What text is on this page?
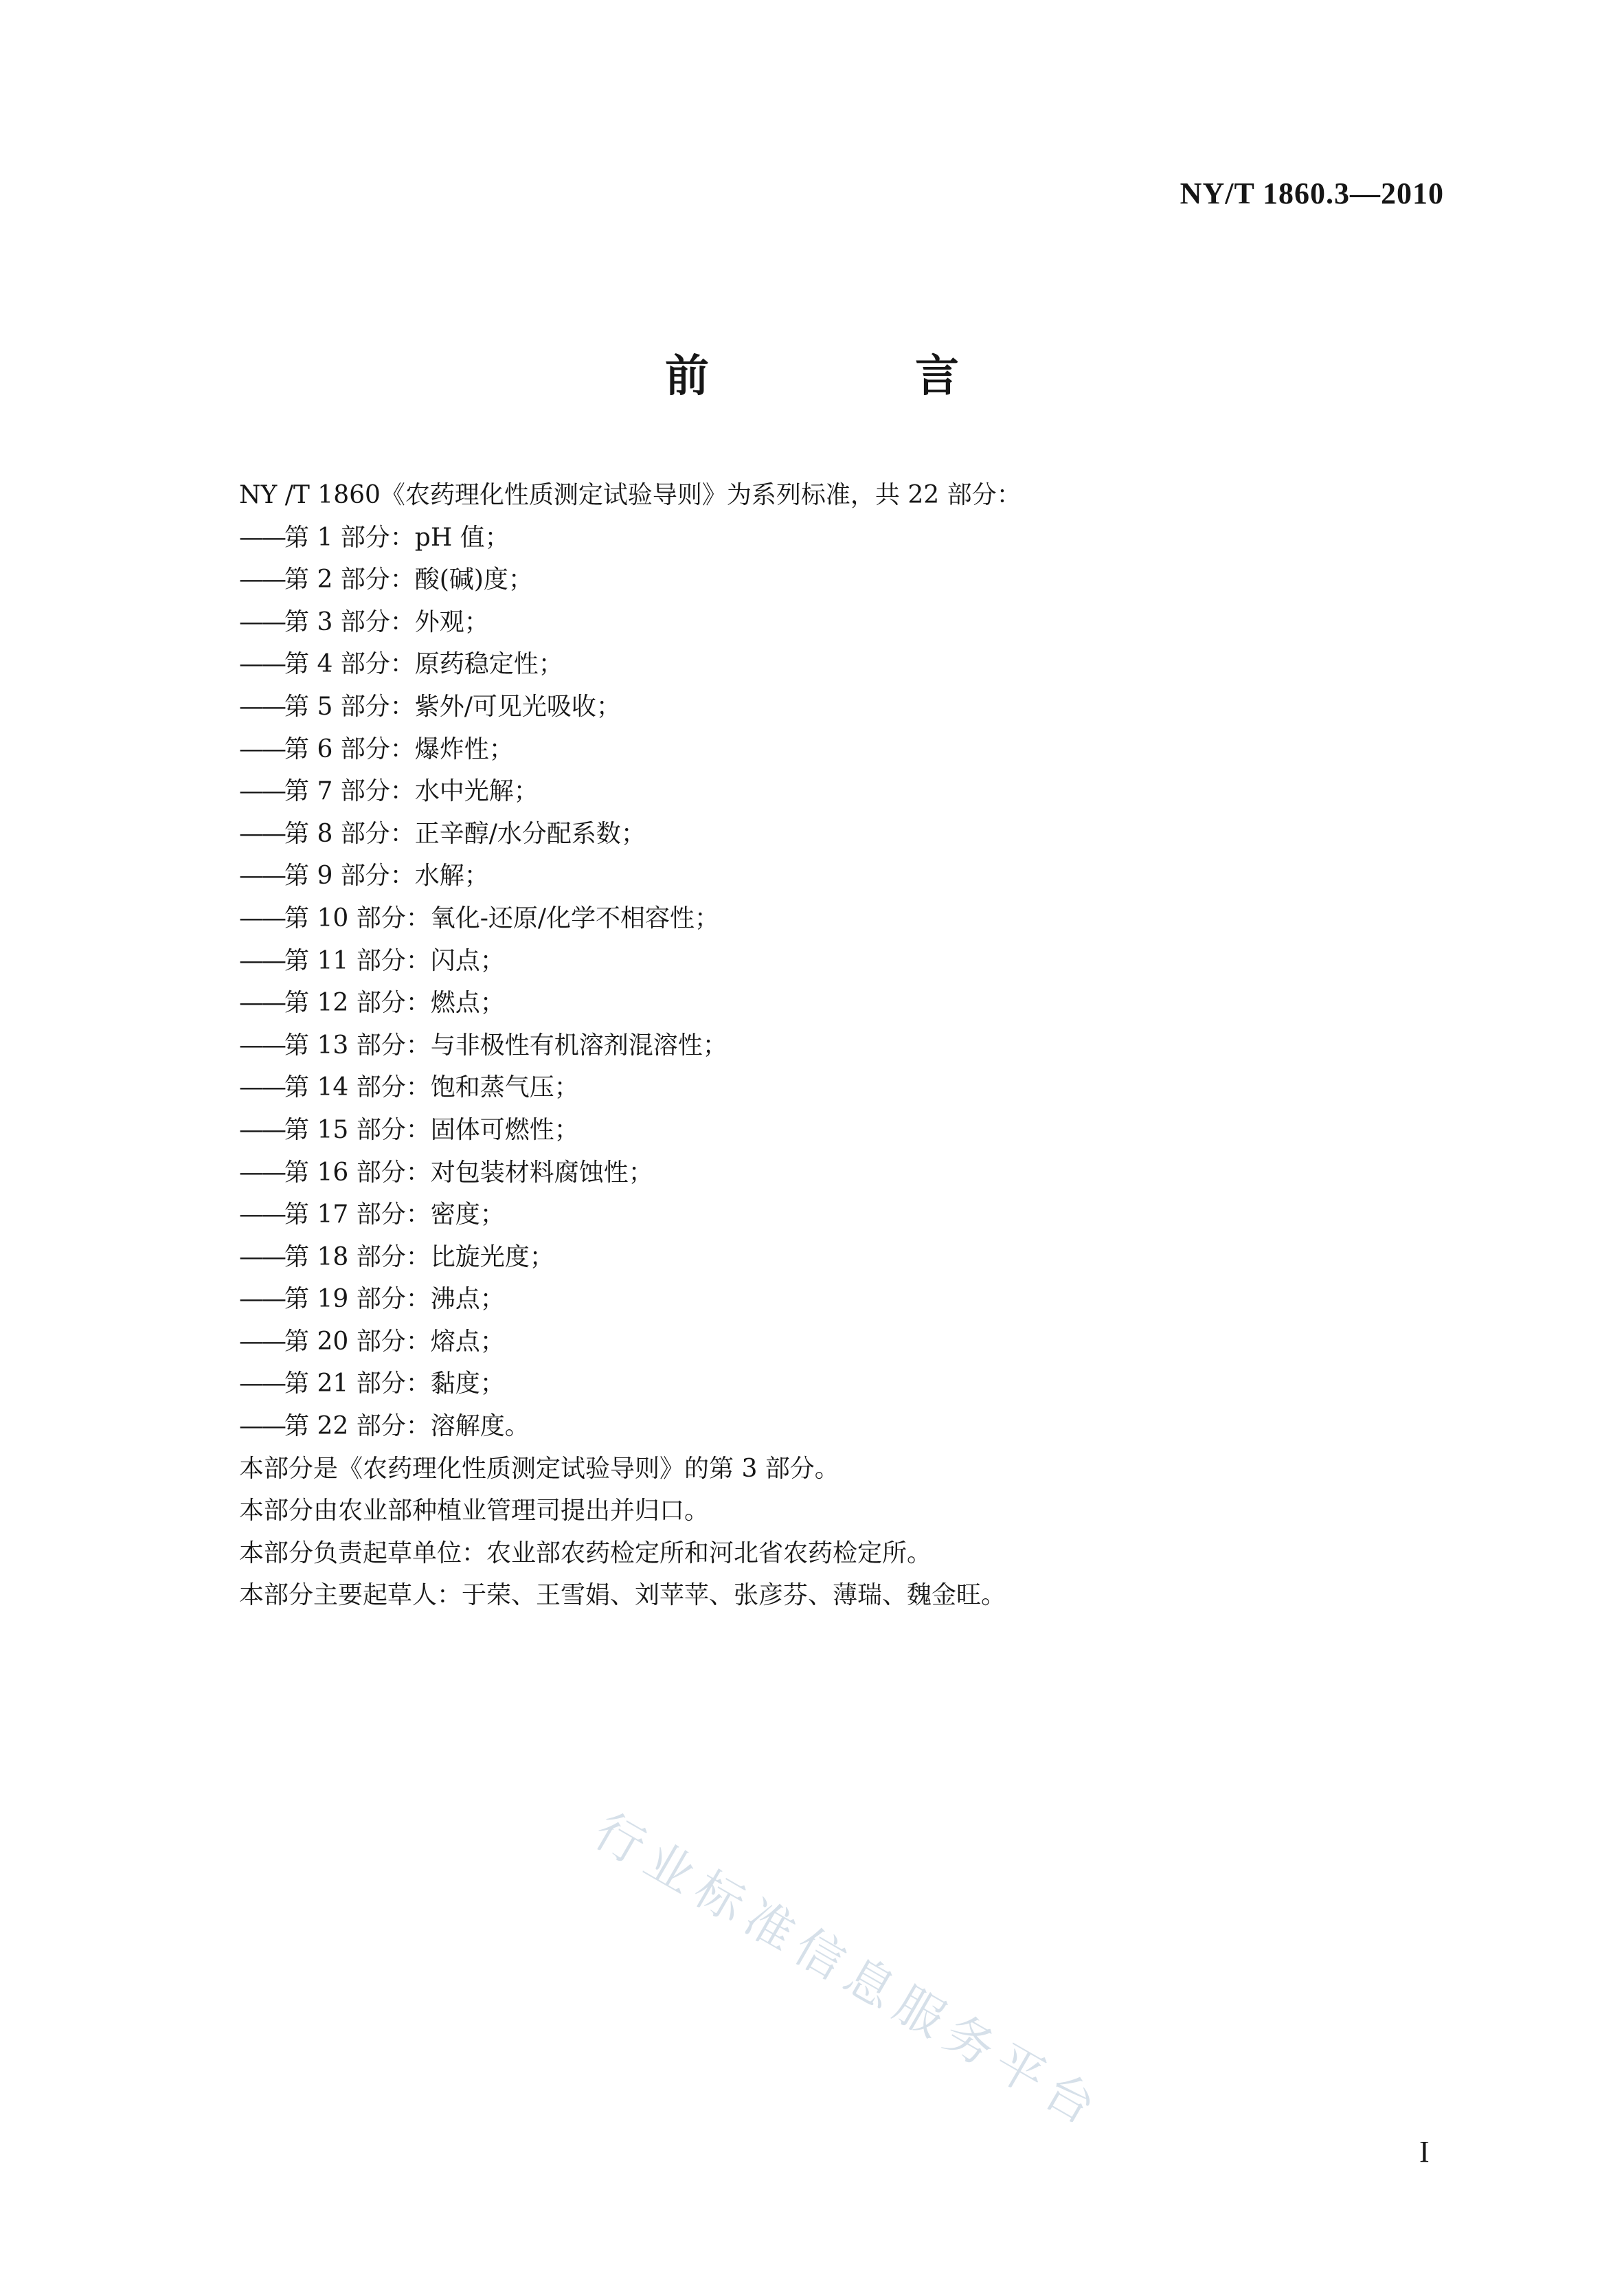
NY/T 1860.3—2010
前　言
NY /T 1860《农药理化性质测定试验导则》为系列标准，共 22 部分：
——第 1 部分：pH 值；
——第 2 部分：酸(碱)度；
——第 3 部分：外观；
——第 4 部分：原药稳定性；
——第 5 部分：紫外/可见光吸收；
——第 6 部分：爆炸性；
——第 7 部分：水中光解；
——第 8 部分：正辛醇/水分配系数；
——第 9 部分：水解；
——第 10 部分：氧化-还原/化学不相容性；
——第 11 部分：闪点；
——第 12 部分：燃点；
——第 13 部分：与非极性有机溶剂混溶性；
——第 14 部分：饱和蒸气压；
——第 15 部分：固体可燃性；
——第 16 部分：对包装材料腐蚀性；
——第 17 部分：密度；
——第 18 部分：比旋光度；
——第 19 部分：沸点；
——第 20 部分：熔点；
——第 21 部分：黏度；
——第 22 部分：溶解度。
本部分是《农药理化性质测定试验导则》的第 3 部分。
本部分由农业部种植业管理司提出并归口。
本部分负责起草单位：农业部农药检定所和河北省农药检定所。
本部分主要起草人：于荣、王雪娟、刘苹苹、张彦芬、薄瑞、魏金旺。
行业标准信息服务平台
I
